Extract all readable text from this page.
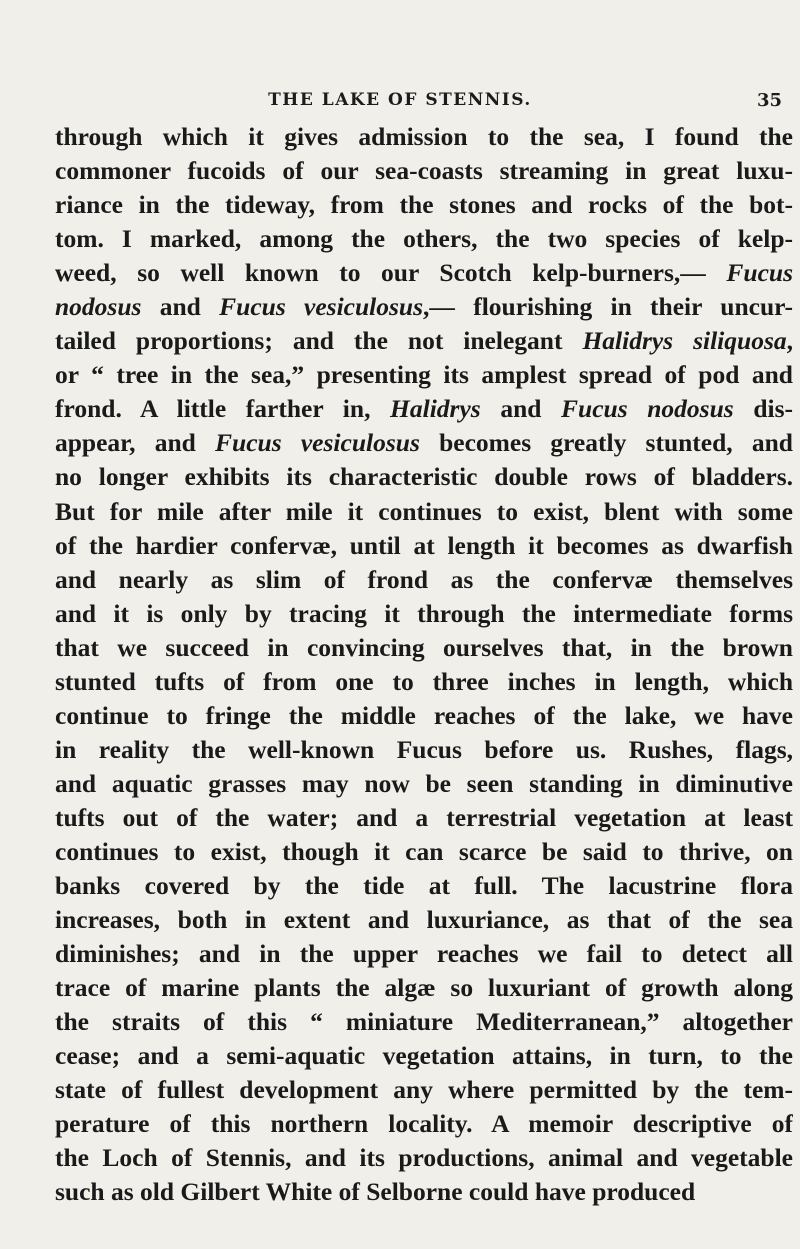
THE LAKE OF STENNIS.	35
through which it gives admission to the sea, I found the
commoner fucoids of our sea-coasts streaming in great luxu-
riance in the tideway, from the stones and rocks of the bot-
tom. I marked, among the others, the two species of kelp-
weed, so well known to our Scotch kelp-burners,— Fucus
nodosus and Fucus vesiculosus,— flourishing in their uncur-
tailed proportions; and the not inelegant Halidrys siliquosa,
or “ tree in the sea,” presenting its amplest spread of pod and
frond. A little farther in, Halidrys and Fucus nodosus dis-
appear, and Fucus vesiculosus becomes greatly stunted, and
no longer exhibits its characteristic double rows of bladders.
But for mile after mile it continues to exist, blent with some
of the hardier confervæ, until at length it becomes as dwarfish
and nearly as slim of frond as the confervæ themselves
and it is only by tracing it through the intermediate forms
that we succeed in convincing ourselves that, in the brown
stunted tufts of from one to three inches in length, which
continue to fringe the middle reaches of the lake, we have
in reality the well-known Fucus before us. Rushes, flags,
and aquatic grasses may now be seen standing in diminutive
tufts out of the water; and a terrestrial vegetation at least
continues to exist, though it can scarce be said to thrive, on
banks covered by the tide at full. The lacustrine flora
increases, both in extent and luxuriance, as that of the sea
diminishes; and in the upper reaches we fail to detect all
trace of marine plants the algæ so luxuriant of growth along
the straits of this “ miniature Mediterranean,” altogether
cease; and a semi-aquatic vegetation attains, in turn, to the
state of fullest development any where permitted by the tem-
perature of this northern locality. A memoir descriptive of
the Loch of Stennis, and its productions, animal and vegetable
such as old Gilbert White of Selborne could have produced
